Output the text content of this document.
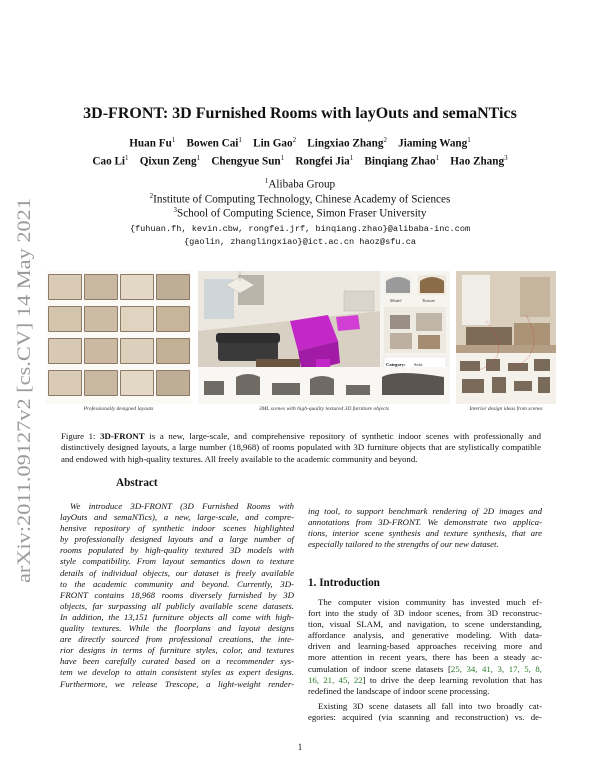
arXiv:2011.09127v2 [cs.CV] 14 May 2021
3D-FRONT: 3D Furnished Rooms with layOuts and semaNTics
Huan Fu$^1$  Bowen Cai$^1$  Lin Gao$^2$  Lingxiao Zhang$^2$  Jiaming Wang$^1$
Cao Li$^1$  Qixun Zeng$^1$  Chengyue Sun$^1$  Rongfei Jia$^1$  Binqiang Zhao$^1$  Hao Zhang$^3$
$^1$Alibaba Group
$^2$Institute of Computing Technology, Chinese Academy of Sciences
$^3$School of Computing Science, Simon Fraser University
{fuhuan.fh, kevin.cbw, rongfei.jrf, binqiang.zhao}@alibaba-inc.com
{gaolin, zhanglingxiao}@ict.ac.cn haoz@sfu.ca
Professionally designed layouts
Model	Texture
Category: Sofa
3ML scenes with high-quality textured 3D furniture objects	Interior design ideas from scenes
Figure 1: 3D-FRONT is a new, large-scale, and comprehensive repository of synthetic indoor scenes with professionally and distinctively designed layouts, a large number (18,968) of rooms populated with 3D furniture objects that are stylistically compatible and endowed with high-quality textures. All freely available to the academic community and beyond.
Abstract
We introduce 3D-FRONT (3D Furnished Rooms with
layOuts and semaNTics), a new, large-scale, and compre-
hensive repository of synthetic indoor scenes highlighted
by professionally designed layouts and a large number of
rooms populated by high-quality textured 3D models with
style compatibility. From layout semantics down to texture
details of individual objects, our dataset is freely available
to the academic community and beyond. Currently, 3D-
FRONT contains 18,968 rooms diversely furnished by 3D
objects, far surpassing all publicly available scene datasets.
In addition, the 13,151 furniture objects all come with high-
quality textures. While the floorplans and layout designs
are directly sourced from professional creations, the inte-
rior designs in terms of furniture styles, color, and textures
have been carefully curated based on a recommender sys-
tem we develop to attain consistent styles as expert designs.
Furthermore, we release Trescope, a light-weight render-
ing tool, to support benchmark rendering of 2D images and
annotations from 3D-FRONT. We demonstrate two applica-
tions, interior scene synthesis and texture synthesis, that are
especially tailored to the strengths of our new dataset.
1. Introduction
The computer vision community has invested much ef-
fort into the study of 3D indoor scenes, from 3D reconstruc-
tion, visual SLAM, and navigation, to scene understanding,
affordance analysis, and generative modeling. With data-
driven and learning-based approaches receiving more and
more attention in recent years, there has been a steady ac-
cumulation of indoor scene datasets [25, 34, 41, 3, 17, 5, 8,
16, 21, 45, 22] to drive the deep learning revolution that has
redefined the landscape of indoor scene processing.
Existing 3D scene datasets all fall into two broadly cat-
egories: acquired (via scanning and reconstruction) vs. de-
1
